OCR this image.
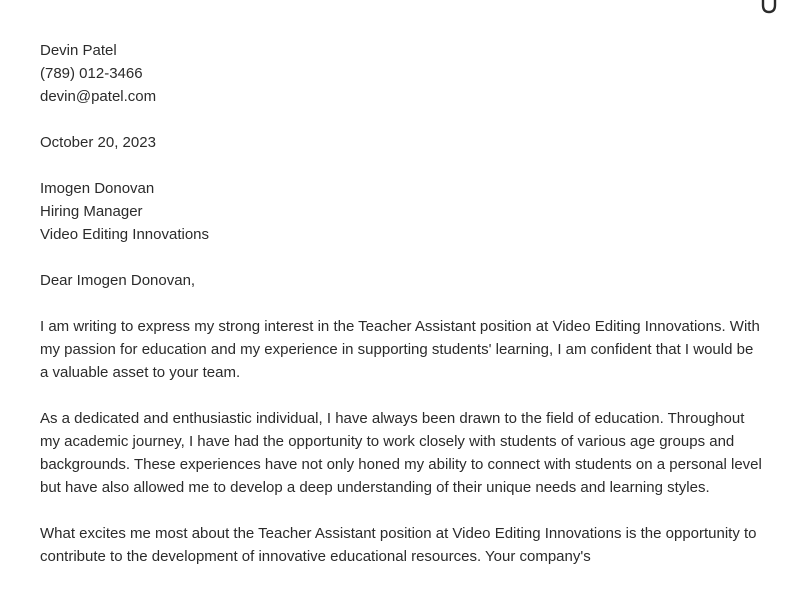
Devin Patel
(789) 012-3466
devin@patel.com
October 20, 2023
Imogen Donovan
Hiring Manager
Video Editing Innovations
Dear Imogen Donovan,

I am writing to express my strong interest in the Teacher Assistant position at Video Editing Innovations. With my passion for education and my experience in supporting students' learning, I am confident that I would be a valuable asset to your team.

As a dedicated and enthusiastic individual, I have always been drawn to the field of education. Throughout my academic journey, I have had the opportunity to work closely with students of various age groups and backgrounds. These experiences have not only honed my ability to connect with students on a personal level but have also allowed me to develop a deep understanding of their unique needs and learning styles.

What excites me most about the Teacher Assistant position at Video Editing Innovations is the opportunity to contribute to the development of innovative educational resources. Your company's
